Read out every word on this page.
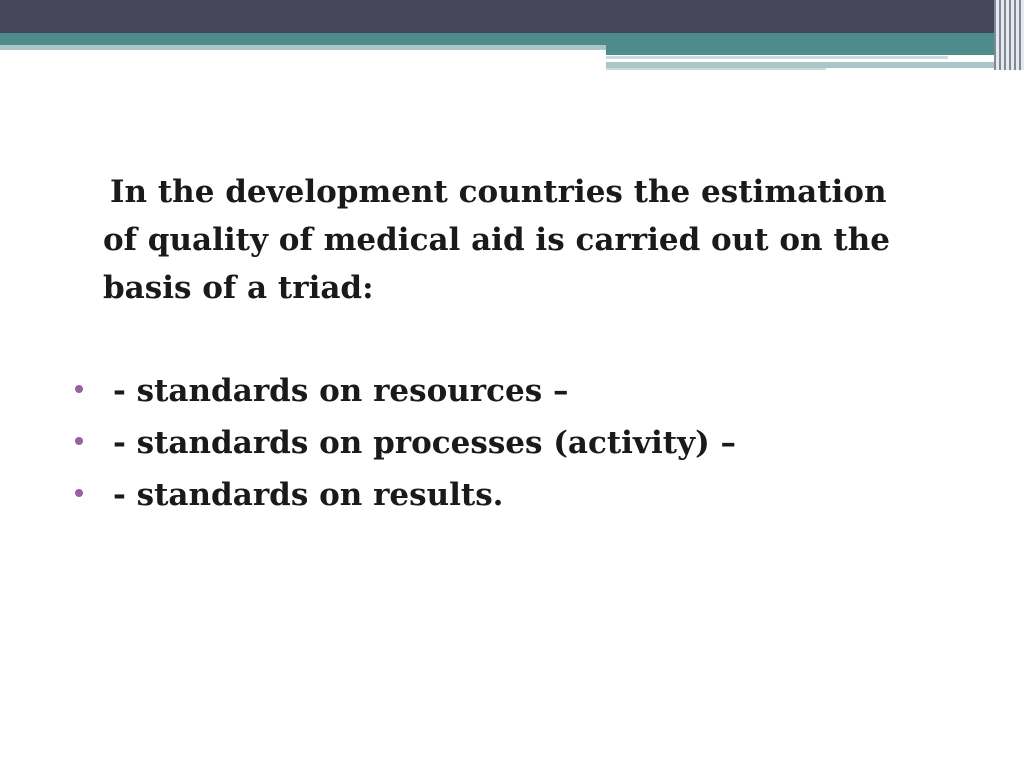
In the development countries the estimation of quality of medical aid is carried out on the basis of a triad:

- standards on resources –
- standards on processes (activity) –
- standards on results.
